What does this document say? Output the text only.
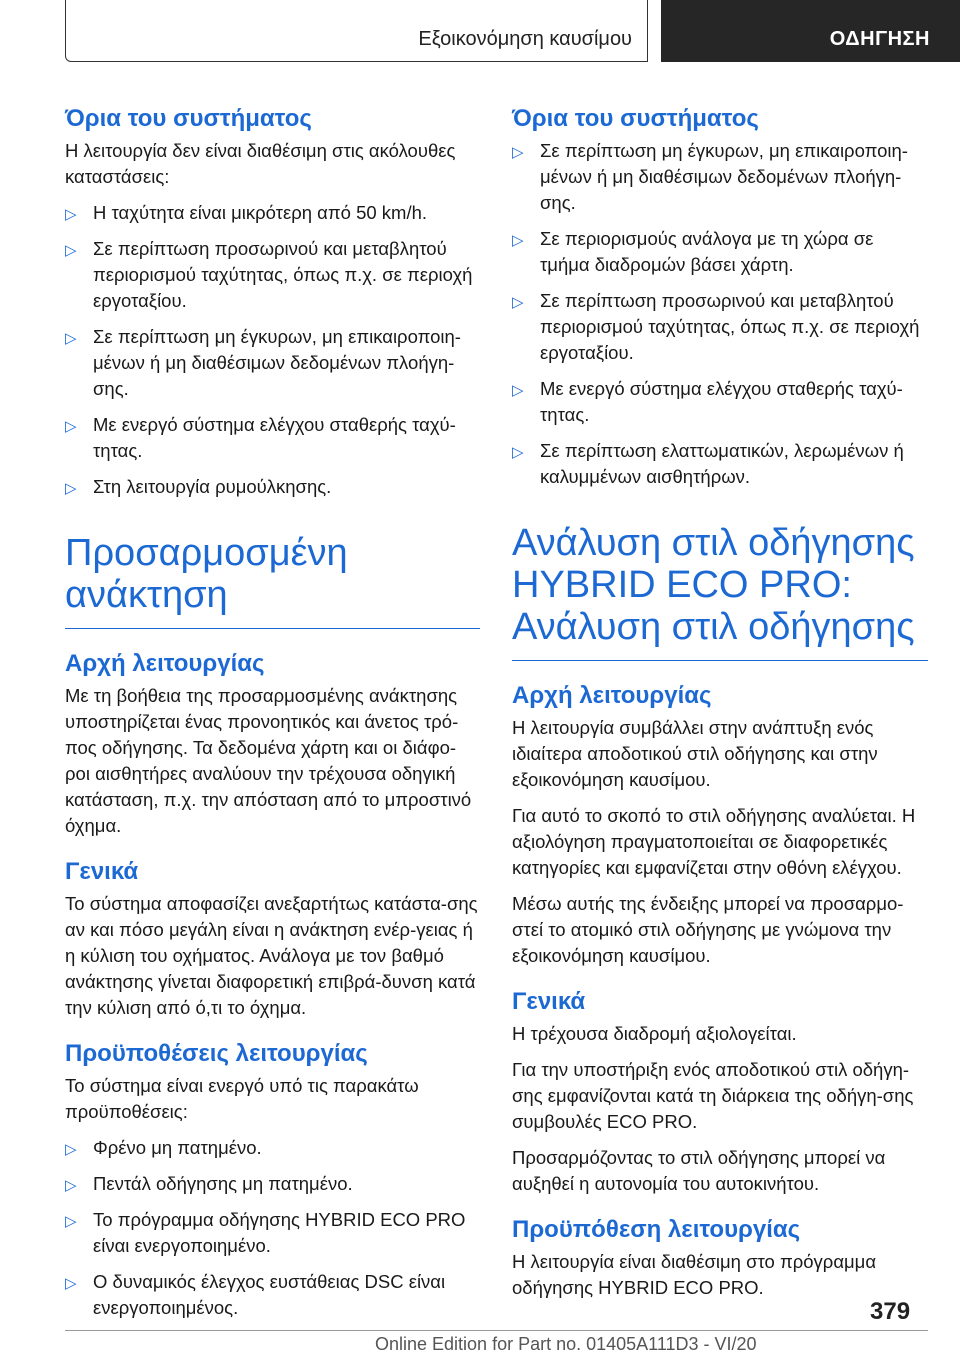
Εξοικονόμηση καυσίμου	ΟΔΗΓΗΣΗ
Όρια του συστήματος

Η λειτουργία δεν είναι διαθέσιμη στις ακόλουθες καταστάσεις:

▷ Η ταχύτητα είναι μικρότερη από 50 km/h.
▷ Σε περίπτωση προσωρινού και μεταβλητού περιορισμού ταχύτητας, όπως π.χ. σε περιοχή εργοταξίου.
▷ Σε περίπτωση μη έγκυρων, μη επικαιροποιη-μένων ή μη διαθέσιμων δεδομένων πλοήγη-σης.
▷ Με ενεργό σύστημα ελέγχου σταθερής ταχύ-τητας.
▷ Στη λειτουργία ρυμούλκησης.
Προσαρμοσμένη ανάκτηση
Αρχή λειτουργίας

Με τη βοήθεια της προσαρμοσμένης ανάκτησης υποστηρίζεται ένας προνοητικός και άνετος τρό-πος οδήγησης. Τα δεδομένα χάρτη και οι διάφο-ροι αισθητήρες αναλύουν την τρέχουσα οδηγική κατάσταση, π.χ. την απόσταση από το μπροστινό όχημα.

Γενικά

Το σύστημα αποφασίζει ανεξαρτήτως κατάστα-σης αν και πόσο μεγάλη είναι η ανάκτηση ενέρ-γειας ή η κύλιση του οχήματος. Ανάλογα με τον βαθμό ανάκτησης γίνεται διαφορετική επιβρά-δυνση κατά την κύλιση από ό,τι το όχημα.

Προϋποθέσεις λειτουργίας

Το σύστημα είναι ενεργό υπό τις παρακάτω προϋποθέσεις:

▷ Φρένο μη πατημένο.
▷ Πεντάλ οδήγησης μη πατημένο.
▷ Το πρόγραμμα οδήγησης HYBRID ECO PRO είναι ενεργοποιημένο.
▷ Ο δυναμικός έλεγχος ευστάθειας DSC είναι ενεργοποιημένος.
Όρια του συστήματος
▷ Σε περίπτωση μη έγκυρων, μη επικαιροποιη-μένων ή μη διαθέσιμων δεδομένων πλοήγη-σης.
▷ Σε περιορισμούς ανάλογα με τη χώρα σε τμήμα διαδρομών βάσει χάρτη.
▷ Σε περίπτωση προσωρινού και μεταβλητού περιορισμού ταχύτητας, όπως π.χ. σε περιοχή εργοταξίου.
▷ Με ενεργό σύστημα ελέγχου σταθερής ταχύ-τητας.
▷ Σε περίπτωση ελαττωματικών, λερωμένων ή καλυμμένων αισθητήρων.
Ανάλυση στιλ οδήγησης
HYBRID ECO PRO:
Ανάλυση στιλ οδήγησης
Αρχή λειτουργίας

Η λειτουργία συμβάλλει στην ανάπτυξη ενός ιδιαίτερα αποδοτικού στιλ οδήγησης και στην εξοικονόμηση καυσίμου.

Για αυτό το σκοπό το στιλ οδήγησης αναλύεται. Η αξιολόγηση πραγματοποιείται σε διαφορετικές κατηγορίες και εμφανίζεται στην οθόνη ελέγχου.

Μέσω αυτής της ένδειξης μπορεί να προσαρμο-στεί το ατομικό στιλ οδήγησης με γνώμονα την εξοικονόμηση καυσίμου.

Γενικά

Η τρέχουσα διαδρομή αξιολογείται.

Για την υποστήριξη ενός αποδοτικού στιλ οδήγη-σης εμφανίζονται κατά τη διάρκεια της οδήγη-σης συμβουλές ECO PRO.

Προσαρμόζοντας το στιλ οδήγησης μπορεί να αυξηθεί η αυτονομία του αυτοκινήτου.

Προϋπόθεση λειτουργίας

Η λειτουργία είναι διαθέσιμη στο πρόγραμμα οδήγησης HYBRID ECO PRO.

379
Online Edition for Part no. 01405A111D3 - VI/20
